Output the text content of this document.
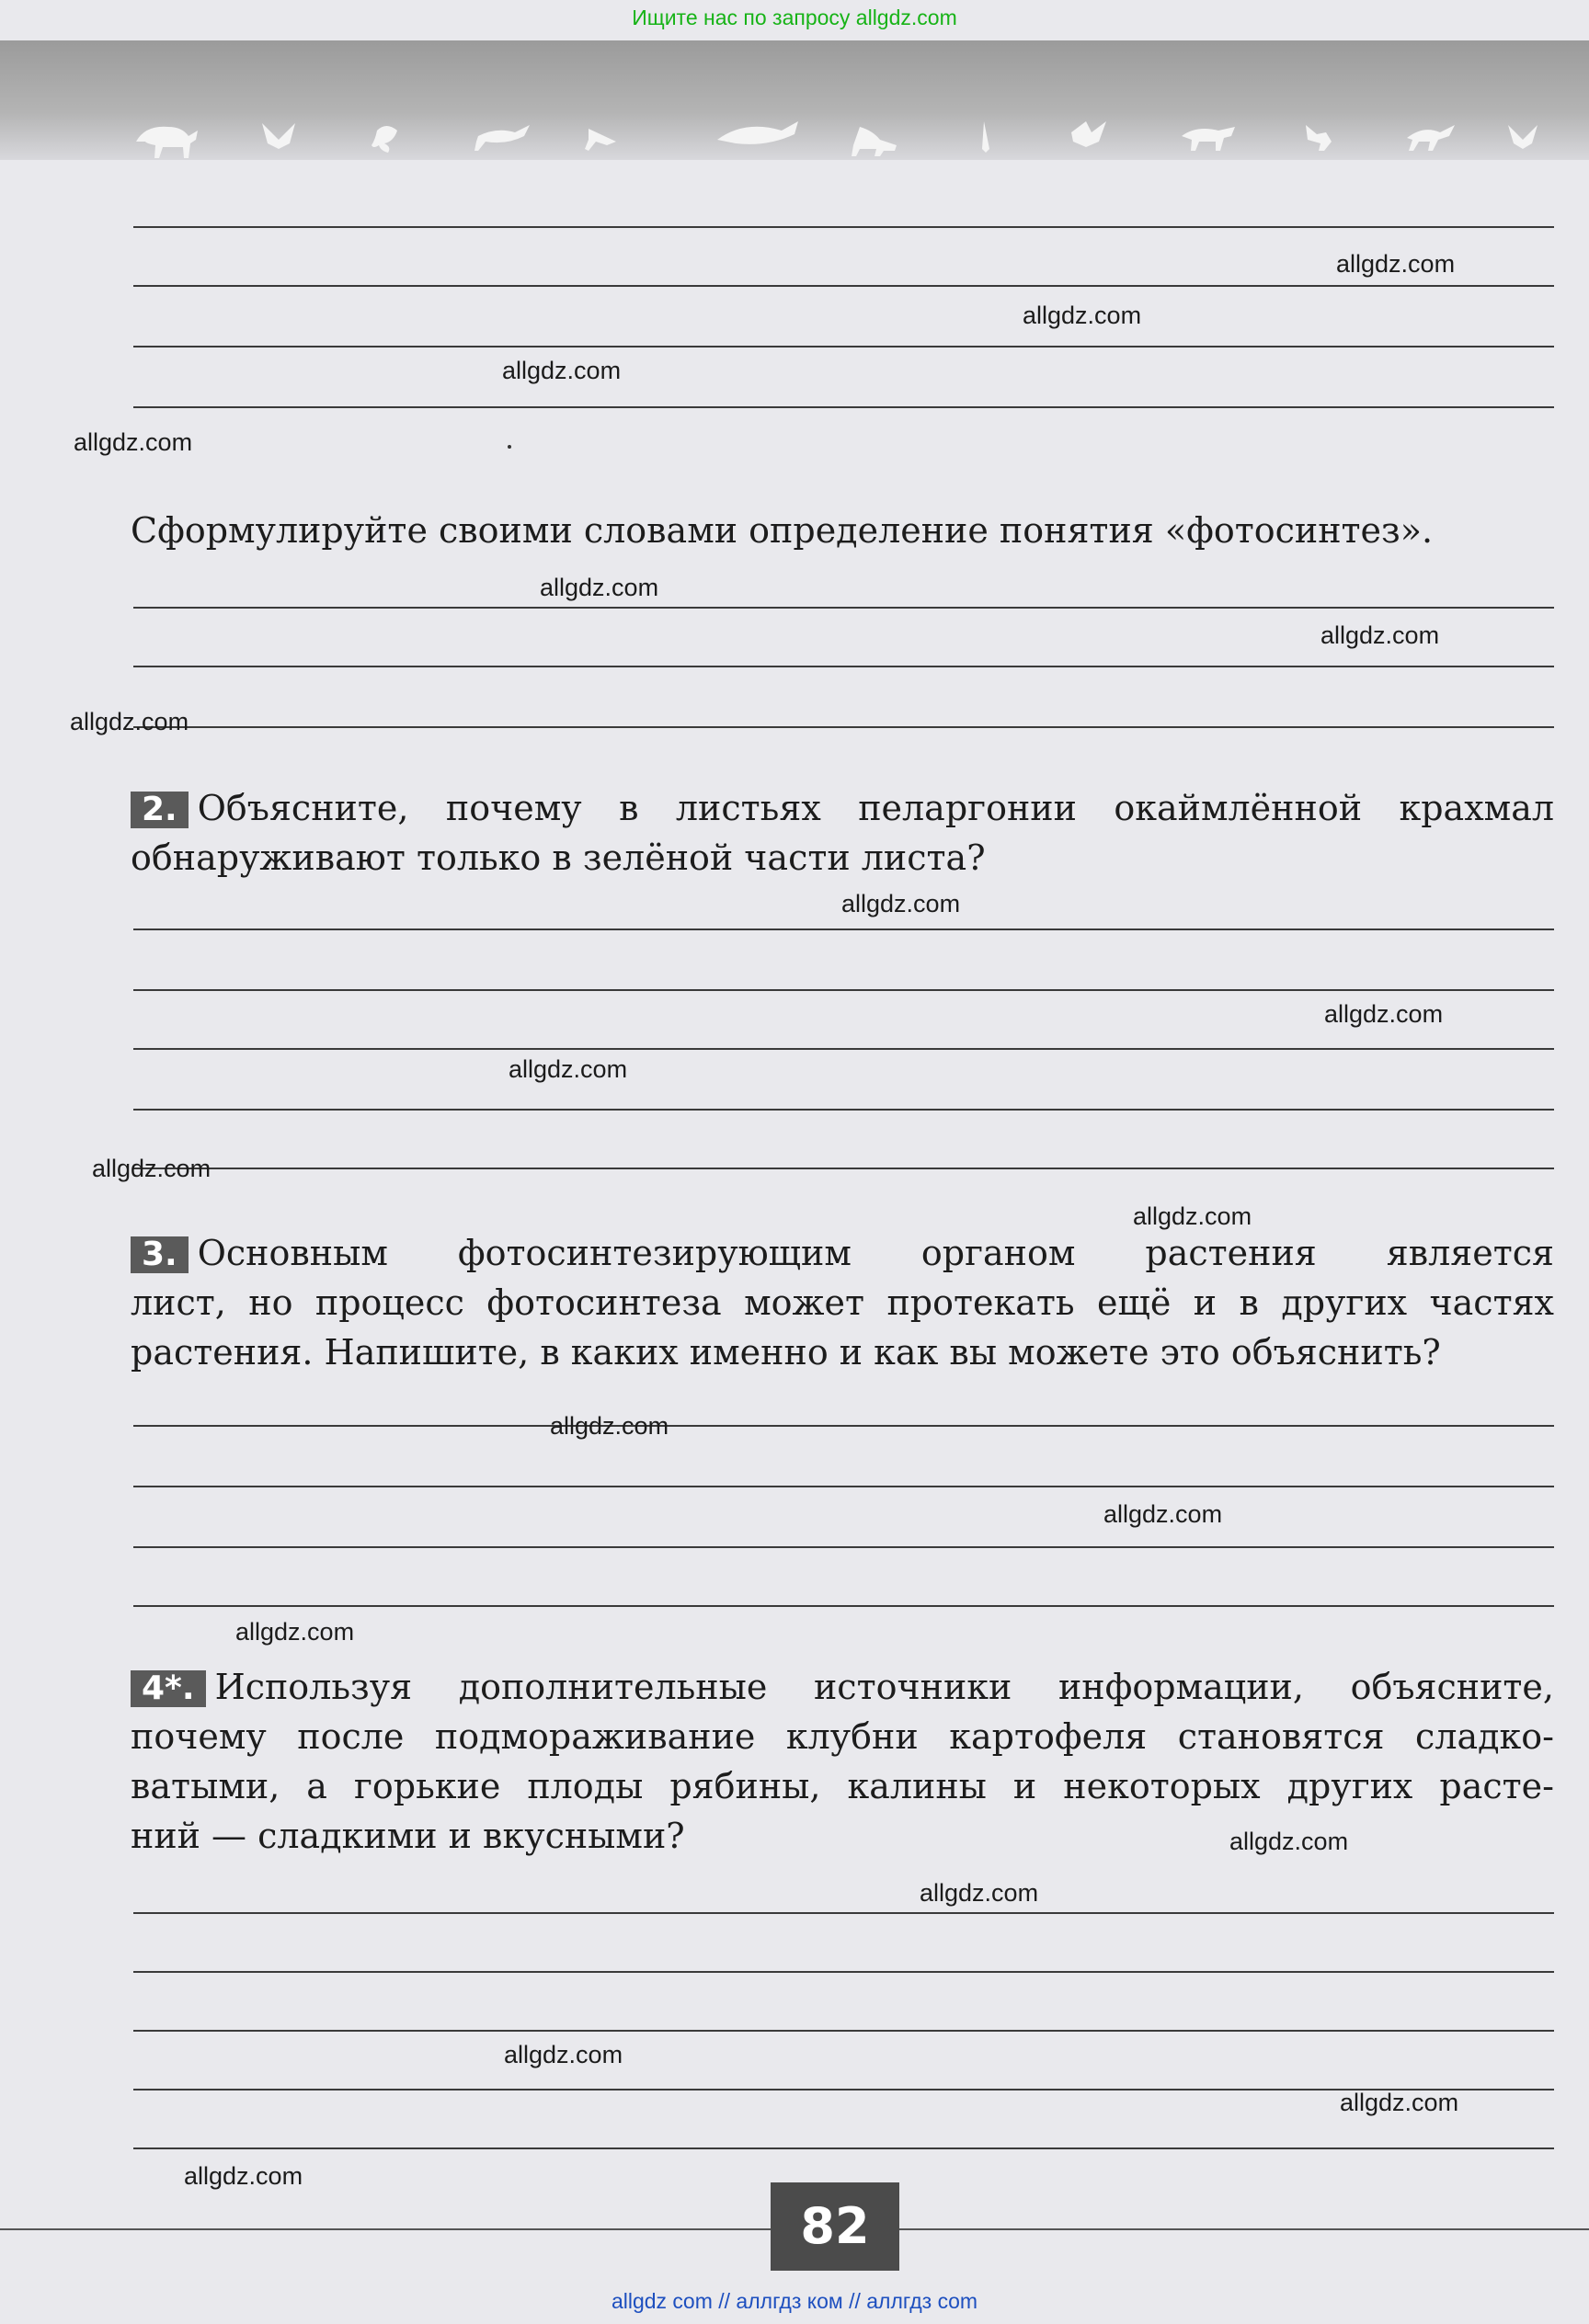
Ищите нас по запросу allgdz.com

Сформулируйте своими словами определение понятия «фотосинтез».

2. Объясните, почему в листьях пеларгонии окаймлённой крахмал

обнаруживают только в зелёной части листа?

3. Основным фотосинтезирующим органом растения является

лист, но процесс фотосинтеза может протекать ещё и в других частях

растения. Напишите, в каких именно и как вы можете это объяснить?

4*. Используя дополнительные источники информации, объясните,

почему после подмораживание клубни картофеля становятся сладко-

ватыми, а горькие плоды рябины, калины и некоторых других расте-

ний — сладкими и вкусными?

allgdz.com
allgdz.com
allgdz.com
allgdz.com
allgdz.com
allgdz.com
allgdz.com
allgdz.com
allgdz.com
allgdz.com
allgdz.com
allgdz.com
allgdz.com
allgdz.com
allgdz.com
allgdz.com
allgdz.com
allgdz.com
allgdz.com
allgdz.com
82
allgdz com // аллгдз ком // аллгдз com
